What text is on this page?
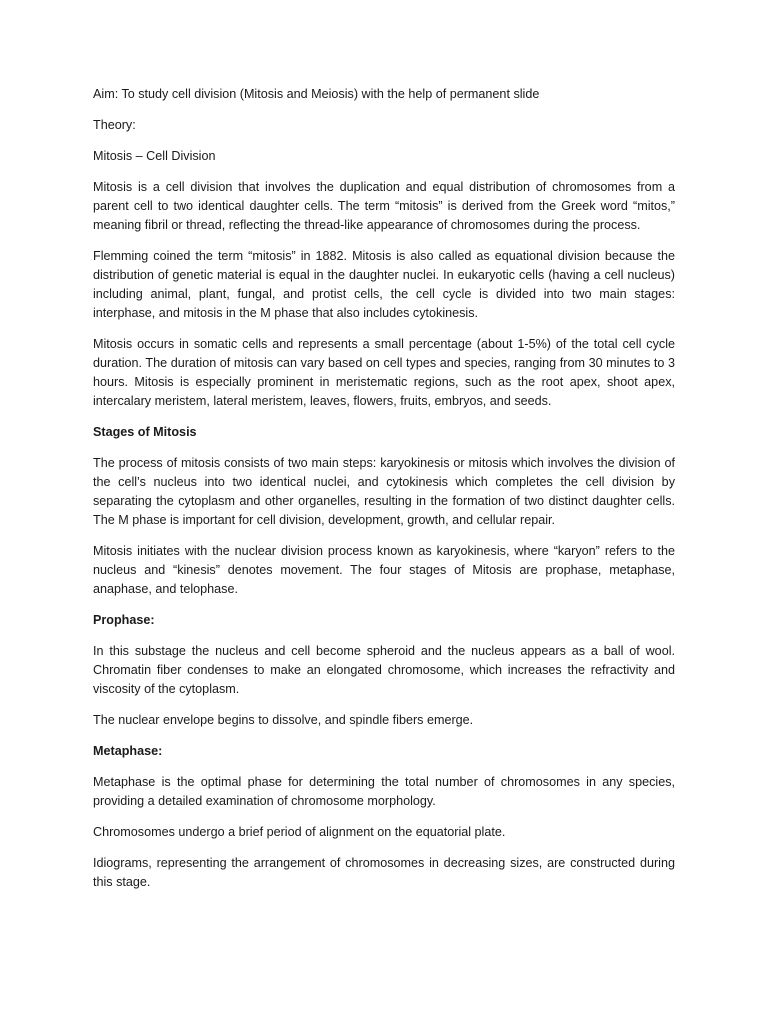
Aim: To study cell division (Mitosis and Meiosis) with the help of permanent slide

Theory:

Mitosis – Cell Division

Mitosis is a cell division that involves the duplication and equal distribution of chromosomes from a parent cell to two identical daughter cells. The term “mitosis” is derived from the Greek word “mitos,” meaning fibril or thread, reflecting the thread-like appearance of chromosomes during the process.

Flemming coined the term “mitosis” in 1882. Mitosis is also called as equational division because the distribution of genetic material is equal in the daughter nuclei. In eukaryotic cells (having a cell nucleus) including animal, plant, fungal, and protist cells, the cell cycle is divided into two main stages: interphase, and mitosis in the M phase that also includes cytokinesis.

Mitosis occurs in somatic cells and represents a small percentage (about 1-5%) of the total cell cycle duration. The duration of mitosis can vary based on cell types and species, ranging from 30 minutes to 3 hours. Mitosis is especially prominent in meristematic regions, such as the root apex, shoot apex, intercalary meristem, lateral meristem, leaves, flowers, fruits, embryos, and seeds.

Stages of Mitosis

The process of mitosis consists of two main steps: karyokinesis or mitosis which involves the division of the cell’s nucleus into two identical nuclei, and cytokinesis which completes the cell division by separating the cytoplasm and other organelles, resulting in the formation of two distinct daughter cells. The M phase is important for cell division, development, growth, and cellular repair.

Mitosis initiates with the nuclear division process known as karyokinesis, where “karyon” refers to the nucleus and “kinesis” denotes movement. The four stages of Mitosis are prophase, metaphase, anaphase, and telophase.

Prophase:

In this substage the nucleus and cell become spheroid and the nucleus appears as a ball of wool. Chromatin fiber condenses to make an elongated chromosome, which increases the refractivity and viscosity of the cytoplasm.

The nuclear envelope begins to dissolve, and spindle fibers emerge.

Metaphase:

Metaphase is the optimal phase for determining the total number of chromosomes in any species, providing a detailed examination of chromosome morphology.

Chromosomes undergo a brief period of alignment on the equatorial plate.

Idiograms, representing the arrangement of chromosomes in decreasing sizes, are constructed during this stage.
